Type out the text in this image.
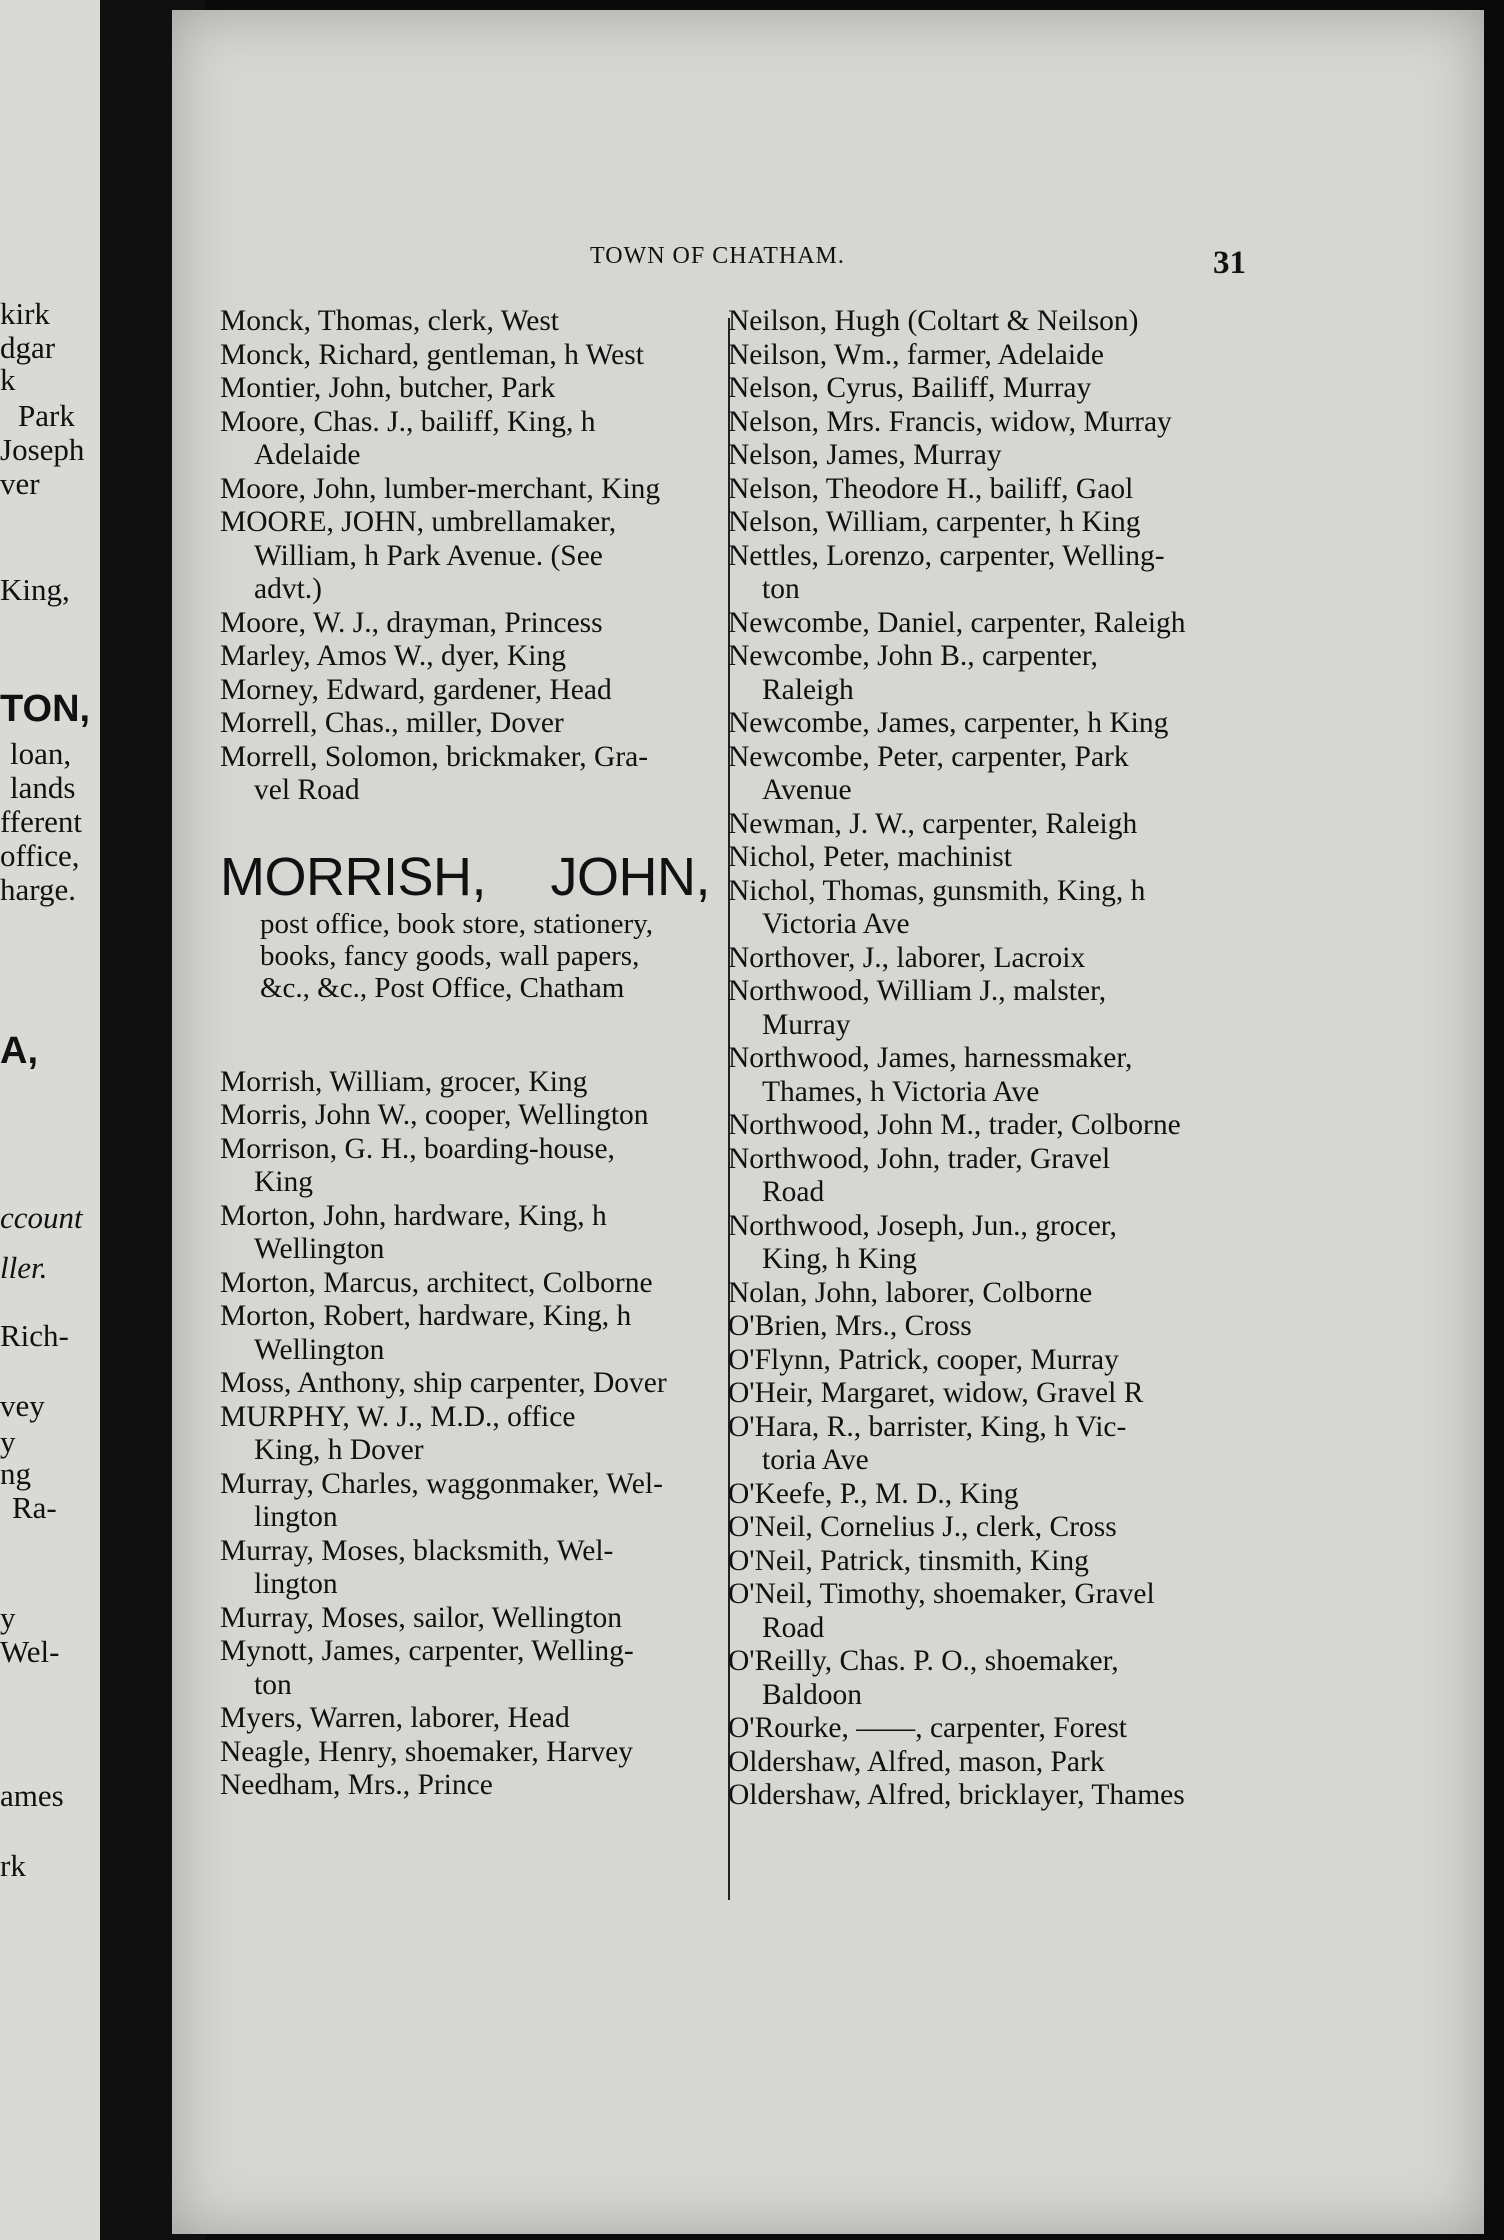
kirk
dgar
k
Park
Joseph
ver
King,
TON,
loan,
lands
fferent
office,
harge.
A,
ccount
ller.
Rich-
vey
y
ng
Ra-
y
Wel-
ames
rk
TOWN OF CHATHAM.	31
Monck, Thomas, clerk, West
Monck, Richard, gentleman, h West
Montier, John, butcher, Park
Moore, Chas. J., bailiff, King, h
Adelaide
Moore, John, lumber-merchant, King
MOORE, JOHN, umbrellamaker,
William, h Park Avenue. (See
advt.)
Moore, W. J., drayman, Princess
Marley, Amos W., dyer, King
Morney, Edward, gardener, Head
Morrell, Chas., miller, Dover
Morrell, Solomon, brickmaker, Gra-
vel Road
MORRISH, JOHN,
post office, book store, stationery,
books, fancy goods, wall papers,
&c., &c., Post Office, Chatham
Morrish, William, grocer, King
Morris, John W., cooper, Wellington
Morrison, G. H., boarding-house,
King
Morton, John, hardware, King, h
Wellington
Morton, Marcus, architect, Colborne
Morton, Robert, hardware, King, h
Wellington
Moss, Anthony, ship carpenter, Dover
MURPHY, W. J., M.D., office
King, h Dover
Murray, Charles, waggonmaker, Wel-
lington
Murray, Moses, blacksmith, Wel-
lington
Murray, Moses, sailor, Wellington
Mynott, James, carpenter, Welling-
ton
Myers, Warren, laborer, Head
Neagle, Henry, shoemaker, Harvey
Needham, Mrs., Prince
Neilson, Hugh (Coltart & Neilson)
Neilson, Wm., farmer, Adelaide
Nelson, Cyrus, Bailiff, Murray
Nelson, Mrs. Francis, widow, Murray
Nelson, James, Murray
Nelson, Theodore H., bailiff, Gaol
Nelson, William, carpenter, h King
Nettles, Lorenzo, carpenter, Welling-
ton
Newcombe, Daniel, carpenter, Raleigh
Newcombe, John B., carpenter,
Raleigh
Newcombe, James, carpenter, h King
Newcombe, Peter, carpenter, Park
Avenue
Newman, J. W., carpenter, Raleigh
Nichol, Peter, machinist
Nichol, Thomas, gunsmith, King, h
Victoria Ave
Northover, J., laborer, Lacroix
Northwood, William J., malster,
Murray
Northwood, James, harnessmaker,
Thames, h Victoria Ave
Northwood, John M., trader, Colborne
Northwood, John, trader, Gravel
Road
Northwood, Joseph, Jun., grocer,
King, h King
Nolan, John, laborer, Colborne
O'Brien, Mrs., Cross
O'Flynn, Patrick, cooper, Murray
O'Heir, Margaret, widow, Gravel R
O'Hara, R., barrister, King, h Vic-
toria Ave
O'Keefe, P., M. D., King
O'Neil, Cornelius J., clerk, Cross
O'Neil, Patrick, tinsmith, King
O'Neil, Timothy, shoemaker, Gravel
Road
O'Reilly, Chas. P. O., shoemaker,
Baldoon
O'Rourke, ——, carpenter, Forest
Oldershaw, Alfred, mason, Park
Oldershaw, Alfred, bricklayer, Thames
